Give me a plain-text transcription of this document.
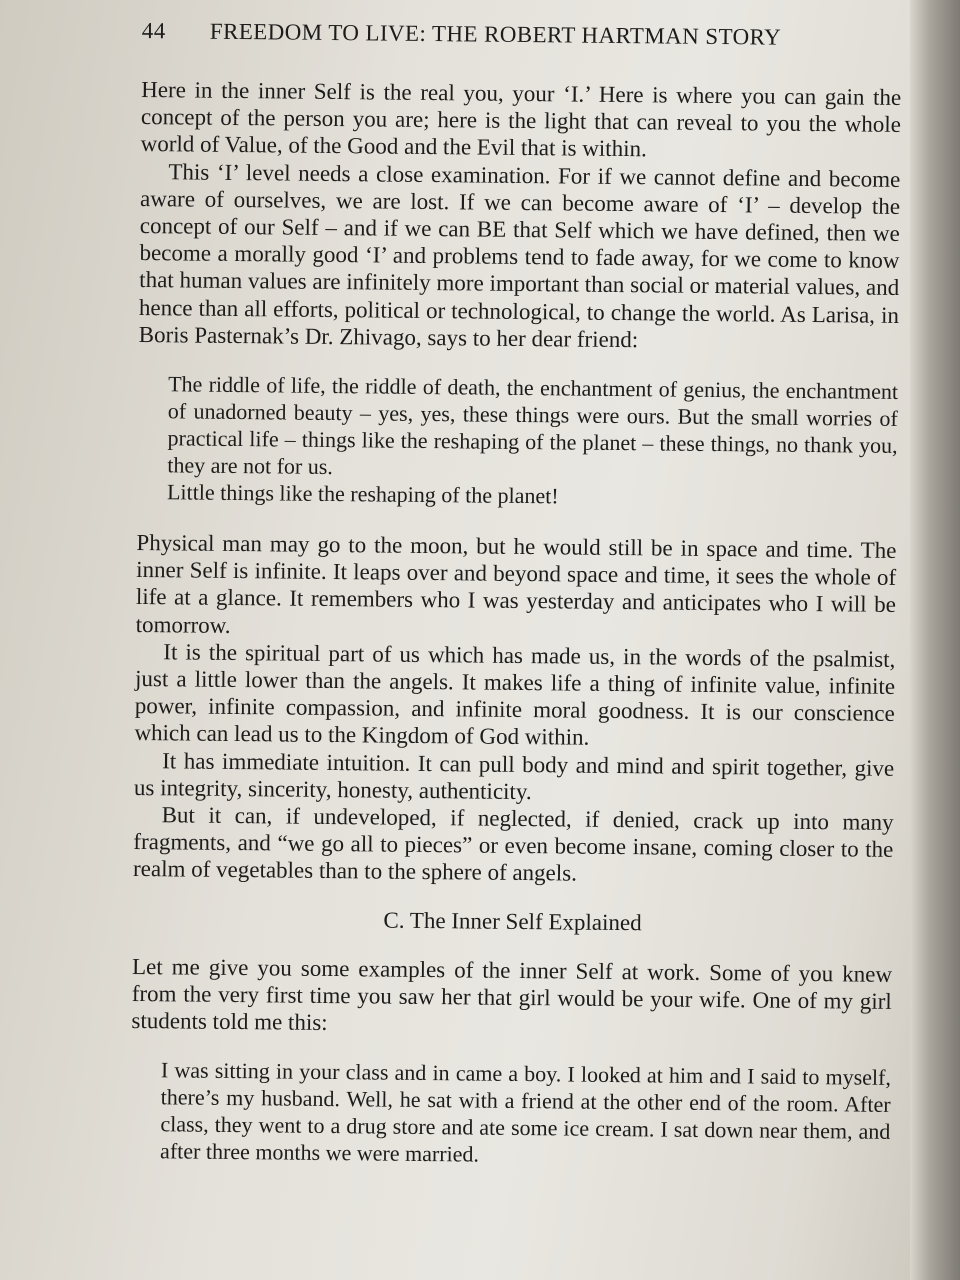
44	FREEDOM TO LIVE: THE ROBERT HARTMAN STORY

Here in the inner Self is the real you, your ‘I.’ Here is where you can gain the concept of the person you are; here is the light that can reveal to you the whole world of Value, of the Good and the Evil that is within.

This ‘I’ level needs a close examination. For if we cannot define and become aware of ourselves, we are lost. If we can become aware of ‘I’ – develop the concept of our Self – and if we can BE that Self which we have defined, then we become a morally good ‘I’ and problems tend to fade away, for we come to know that human values are infinitely more important than social or material values, and hence than all efforts, political or technological, to change the world. As Larisa, in Boris Pasternak’s Dr. Zhivago, says to her dear friend:

The riddle of life, the riddle of death, the enchantment of genius, the enchantment of unadorned beauty – yes, yes, these things were ours. But the small worries of practical life – things like the reshaping of the planet – these things, no thank you, they are not for us.

Little things like the reshaping of the planet!

Physical man may go to the moon, but he would still be in space and time. The inner Self is infinite. It leaps over and beyond space and time, it sees the whole of life at a glance. It remembers who I was yesterday and anticipates who I will be tomorrow.

It is the spiritual part of us which has made us, in the words of the psalmist, just a little lower than the angels. It makes life a thing of infinite value, infinite power, infinite compassion, and infinite moral goodness. It is our conscience which can lead us to the Kingdom of God within.

It has immediate intuition. It can pull body and mind and spirit together, give us integrity, sincerity, honesty, authenticity.

But it can, if undeveloped, if neglected, if denied, crack up into many fragments, and “we go all to pieces” or even become insane, coming closer to the realm of vegetables than to the sphere of angels.

C. The Inner Self Explained

Let me give you some examples of the inner Self at work. Some of you knew from the very first time you saw her that girl would be your wife. One of my girl students told me this:

I was sitting in your class and in came a boy. I looked at him and I said to myself, there’s my husband. Well, he sat with a friend at the other end of the room. After class, they went to a drug store and ate some ice cream. I sat down near them, and after three months we were married.
